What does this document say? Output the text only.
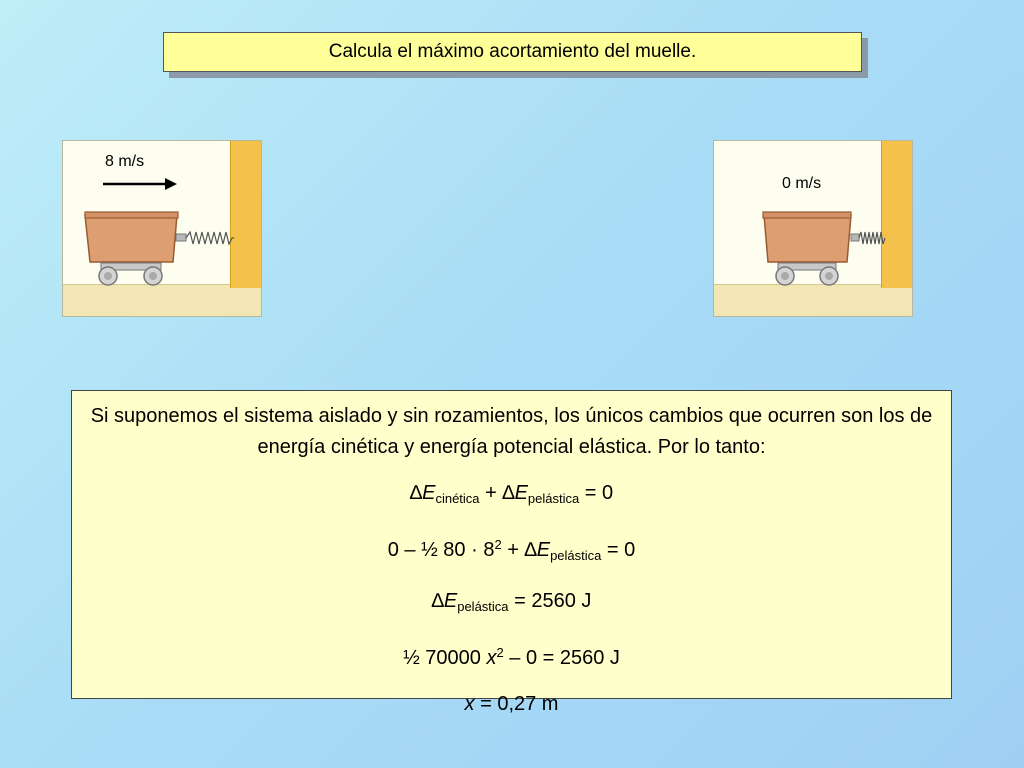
Calcula el máximo acortamiento del muelle.
8 m/s
0 m/s
Si suponemos el sistema aislado y sin rozamientos, los únicos cambios que ocurren son los de energía cinética y energía potencial elástica. Por lo tanto:
$\Delta E_{cinética} + \Delta E_{pelástica} = 0$
0 – ½ $80 \cdot 8^2 + \Delta E_{pelástica} = 0$
$\Delta E_{pelástica} = 2560$ J
½ 70000 $x^2 - 0 = 2560$ J
x = 0,27 m
